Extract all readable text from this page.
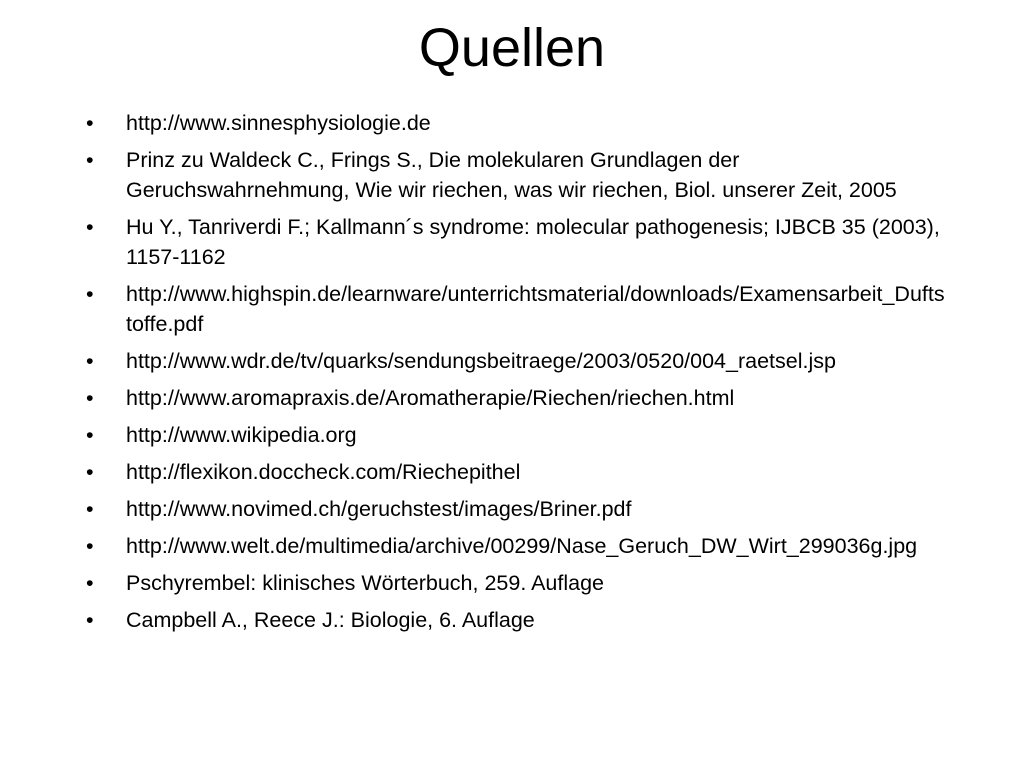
Quellen
•	http://www.sinnesphysiologie.de
•	Prinz zu Waldeck C., Frings S., Die molekularen Grundlagen der Geruchswahrnehmung, Wie wir riechen, was wir riechen, Biol. unserer Zeit, 2005
•	Hu Y., Tanriverdi F.; Kallmann´s syndrome: molecular pathogenesis; IJBCB 35 (2003), 1157-1162
•	http://www.highspin.de/learnware/unterrichtsmaterial/downloads/Examensarbeit_Duftstoffe.pdf
•	http://www.wdr.de/tv/quarks/sendungsbeitraege/2003/0520/004_raetsel.jsp
•	http://www.aromapraxis.de/Aromatherapie/Riechen/riechen.html
•	http://www.wikipedia.org
•	http://flexikon.doccheck.com/Riechepithel
•	http://www.novimed.ch/geruchstest/images/Briner.pdf
•	http://www.welt.de/multimedia/archive/00299/Nase_Geruch_DW_Wirt_299036g.jpg
•	Pschyrembel: klinisches Wörterbuch, 259. Auflage
•	Campbell A., Reece J.: Biologie, 6. Auflage
